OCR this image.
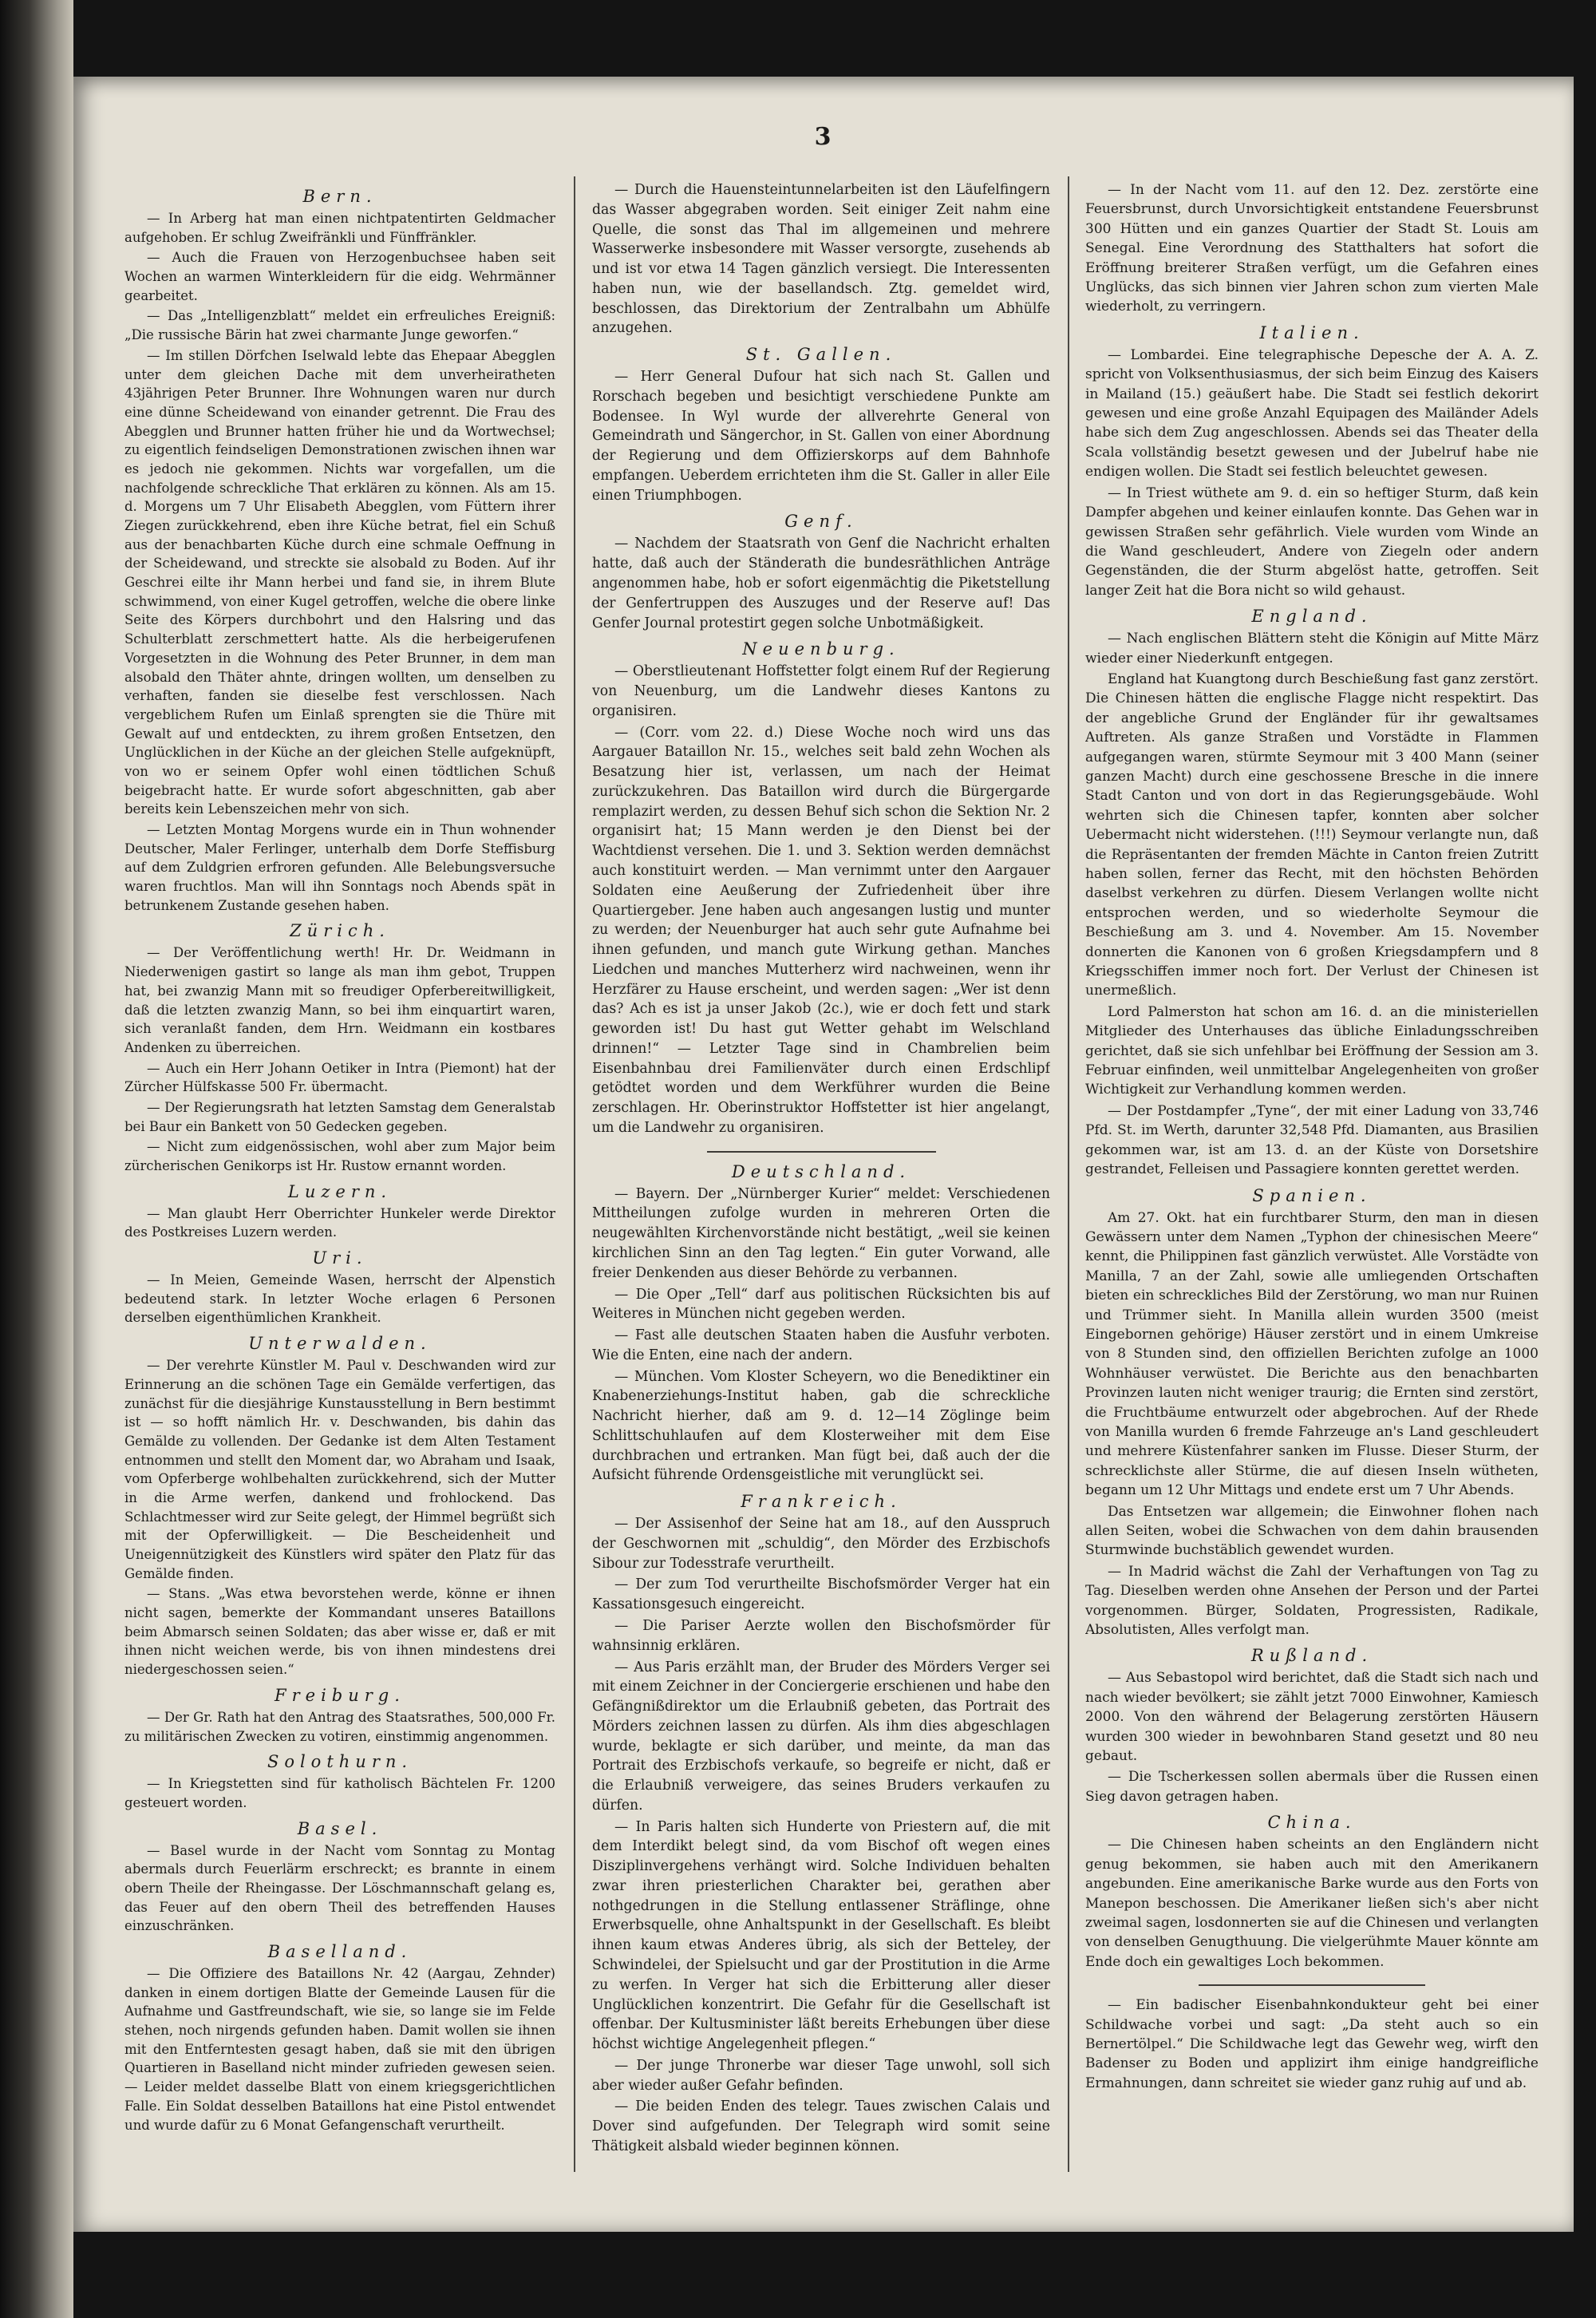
3
Bern.

— In Arberg hat man einen nichtpatentirten Geldmacher aufgehoben. Er schlug Zweifränkli und Fünffränkler.

— Auch die Frauen von Herzogenbuchsee haben seit Wochen an warmen Winterkleidern für die eidg. Wehrmänner gearbeitet.

— Das „Intelligenzblatt“ meldet ein erfreuliches Ereigniß: „Die russische Bärin hat zwei charmante Junge geworfen.“

— Im stillen Dörfchen Iselwald lebte das Ehepaar Abegglen unter dem gleichen Dache mit dem unverheiratheten 43jährigen Peter Brunner. Ihre Wohnungen waren nur durch eine dünne Scheidewand von einander getrennt. Die Frau des Abegglen und Brunner hatten früher hie und da Wortwechsel; zu eigentlich feindseligen Demonstrationen zwischen ihnen war es jedoch nie gekommen. Nichts war vorgefallen, um die nachfolgende schreckliche That erklären zu können. Als am 15. d. Morgens um 7 Uhr Elisabeth Abegglen, vom Füttern ihrer Ziegen zurückkehrend, eben ihre Küche betrat, fiel ein Schuß aus der benachbarten Küche durch eine schmale Oeffnung in der Scheidewand, und streckte sie alsobald zu Boden. Auf ihr Geschrei eilte ihr Mann herbei und fand sie, in ihrem Blute schwimmend, von einer Kugel getroffen, welche die obere linke Seite des Körpers durchbohrt und den Halsring und das Schulterblatt zerschmettert hatte. Als die herbeigerufenen Vorgesetzten in die Wohnung des Peter Brunner, in dem man alsobald den Thäter ahnte, dringen wollten, um denselben zu verhaften, fanden sie dieselbe fest verschlossen. Nach vergeblichem Rufen um Einlaß sprengten sie die Thüre mit Gewalt auf und entdeckten, zu ihrem großen Entsetzen, den Unglücklichen in der Küche an der gleichen Stelle aufgeknüpft, von wo er seinem Opfer wohl einen tödtlichen Schuß beigebracht hatte. Er wurde sofort abgeschnitten, gab aber bereits kein Lebenszeichen mehr von sich.

— Letzten Montag Morgens wurde ein in Thun wohnender Deutscher, Maler Ferlinger, unterhalb dem Dorfe Steffisburg auf dem Zuldgrien erfroren gefunden. Alle Belebungsversuche waren fruchtlos. Man will ihn Sonntags noch Abends spät in betrunkenem Zustande gesehen haben.

Zürich.

— Der Veröffentlichung werth! Hr. Dr. Weidmann in Niederwenigen gastirt so lange als man ihm gebot, Truppen hat, bei zwanzig Mann mit so freudiger Opferbereitwilligkeit, daß die letzten zwanzig Mann, so bei ihm einquartirt waren, sich veranlaßt fanden, dem Hrn. Weidmann ein kostbares Andenken zu überreichen.

— Auch ein Herr Johann Oetiker in Intra (Piemont) hat der Zürcher Hülfskasse 500 Fr. übermacht.

— Der Regierungsrath hat letzten Samstag dem Generalstab bei Baur ein Bankett von 50 Gedecken gegeben.

— Nicht zum eidgenössischen, wohl aber zum Major beim zürcherischen Genikorps ist Hr. Rustow ernannt worden.

Luzern.

— Man glaubt Herr Oberrichter Hunkeler werde Direktor des Postkreises Luzern werden.

Uri.

— In Meien, Gemeinde Wasen, herrscht der Alpenstich bedeutend stark. In letzter Woche erlagen 6 Personen derselben eigenthümlichen Krankheit.

Unterwalden.

— Der verehrte Künstler M. Paul v. Deschwanden wird zur Erinnerung an die schönen Tage ein Gemälde verfertigen, das zunächst für die diesjährige Kunstausstellung in Bern bestimmt ist — so hofft nämlich Hr. v. Deschwanden, bis dahin das Gemälde zu vollenden. Der Gedanke ist dem Alten Testament entnommen und stellt den Moment dar, wo Abraham und Isaak, vom Opferberge wohlbehalten zurückkehrend, sich der Mutter in die Arme werfen, dankend und frohlockend. Das Schlachtmesser wird zur Seite gelegt, der Himmel begrüßt sich mit der Opferwilligkeit. — Die Bescheidenheit und Uneigennützigkeit des Künstlers wird später den Platz für das Gemälde finden.

— Stans. „Was etwa bevorstehen werde, könne er ihnen nicht sagen, bemerkte der Kommandant unseres Bataillons beim Abmarsch seinen Soldaten; das aber wisse er, daß er mit ihnen nicht weichen werde, bis von ihnen mindestens drei niedergeschossen seien.“

Freiburg.

— Der Gr. Rath hat den Antrag des Staatsrathes, 500,000 Fr. zu militärischen Zwecken zu votiren, einstimmig angenommen.

Solothurn.

— In Kriegstetten sind für katholisch Bächtelen Fr. 1200 gesteuert worden.

Basel.

— Basel wurde in der Nacht vom Sonntag zu Montag abermals durch Feuerlärm erschreckt; es brannte in einem obern Theile der Rheingasse. Der Löschmannschaft gelang es, das Feuer auf den obern Theil des betreffenden Hauses einzuschränken.

Baselland.

— Die Offiziere des Bataillons Nr. 42 (Aargau, Zehnder) danken in einem dortigen Blatte der Gemeinde Lausen für die Aufnahme und Gastfreundschaft, wie sie, so lange sie im Felde stehen, noch nirgends gefunden haben. Damit wollen sie ihnen mit den Entferntesten gesagt haben, daß sie mit den übrigen Quartieren in Baselland nicht minder zufrieden gewesen seien. — Leider meldet dasselbe Blatt von einem kriegsgerichtlichen Falle. Ein Soldat desselben Bataillons hat eine Pistol entwendet und wurde dafür zu 6 Monat Gefangenschaft verurtheilt.

— Durch die Hauensteintunnelarbeiten ist den Läufelfingern das Wasser abgegraben worden. Seit einiger Zeit nahm eine Quelle, die sonst das Thal im allgemeinen und mehrere Wasserwerke insbesondere mit Wasser versorgte, zusehends ab und ist vor etwa 14 Tagen gänzlich versiegt. Die Interessenten haben nun, wie der basellandsch. Ztg. gemeldet wird, beschlossen, das Direktorium der Zentralbahn um Abhülfe anzugehen.

St. Gallen.

— Herr General Dufour hat sich nach St. Gallen und Rorschach begeben und besichtigt verschiedene Punkte am Bodensee. In Wyl wurde der allverehrte General von Gemeindrath und Sängerchor, in St. Gallen von einer Abordnung der Regierung und dem Offizierskorps auf dem Bahnhofe empfangen. Ueberdem errichteten ihm die St. Galler in aller Eile einen Triumphbogen.

Genf.

— Nachdem der Staatsrath von Genf die Nachricht erhalten hatte, daß auch der Ständerath die bundesräthlichen Anträge angenommen habe, hob er sofort eigenmächtig die Piketstellung der Genfertruppen des Auszuges und der Reserve auf! Das Genfer Journal protestirt gegen solche Unbotmäßigkeit.

Neuenburg.

— Oberstlieutenant Hoffstetter folgt einem Ruf der Regierung von Neuenburg, um die Landwehr dieses Kantons zu organisiren.

— (Corr. vom 22. d.) Diese Woche noch wird uns das Aargauer Bataillon Nr. 15., welches seit bald zehn Wochen als Besatzung hier ist, verlassen, um nach der Heimat zurückzukehren. Das Bataillon wird durch die Bürgergarde remplazirt werden, zu dessen Behuf sich schon die Sektion Nr. 2 organisirt hat; 15 Mann werden je den Dienst bei der Wachtdienst versehen. Die 1. und 3. Sektion werden demnächst auch konstituirt werden. — Man vernimmt unter den Aargauer Soldaten eine Aeußerung der Zufriedenheit über ihre Quartiergeber. Jene haben auch angesangen lustig und munter zu werden; der Neuenburger hat auch sehr gute Aufnahme bei ihnen gefunden, und manch gute Wirkung gethan. Manches Liedchen und manches Mutterherz wird nachweinen, wenn ihr Herzfärer zu Hause erscheint, und werden sagen: „Wer ist denn das? Ach es ist ja unser Jakob (2c.), wie er doch fett und stark geworden ist! Du hast gut Wetter gehabt im Welschland drinnen!“ — Letzter Tage sind in Chambrelien beim Eisenbahnbau drei Familienväter durch einen Erdschlipf getödtet worden und dem Werkführer wurden die Beine zerschlagen. Hr. Oberinstruktor Hoffstetter ist hier angelangt, um die Landwehr zu organisiren.

Deutschland.

— Bayern. Der „Nürnberger Kurier“ meldet: Verschiedenen Mittheilungen zufolge wurden in mehreren Orten die neugewählten Kirchenvorstände nicht bestätigt, „weil sie keinen kirchlichen Sinn an den Tag legten.“ Ein guter Vorwand, alle freier Denkenden aus dieser Behörde zu verbannen.

— Die Oper „Tell“ darf aus politischen Rücksichten bis auf Weiteres in München nicht gegeben werden.

— Fast alle deutschen Staaten haben die Ausfuhr verboten. Wie die Enten, eine nach der andern.

— München. Vom Kloster Scheyern, wo die Benediktiner ein Knabenerziehungs-Institut haben, gab die schreckliche Nachricht hierher, daß am 9. d. 12—14 Zöglinge beim Schlittschuhlaufen auf dem Klosterweiher mit dem Eise durchbrachen und ertranken. Man fügt bei, daß auch der die Aufsicht führende Ordensgeistliche mit verunglückt sei.

Frankreich.

— Der Assisenhof der Seine hat am 18., auf den Ausspruch der Geschwornen mit „schuldig“, den Mörder des Erzbischofs Sibour zur Todesstrafe verurtheilt.

— Der zum Tod verurtheilte Bischofsmörder Verger hat ein Kassationsgesuch eingereicht.

— Die Pariser Aerzte wollen den Bischofsmörder für wahnsinnig erklären.

— Aus Paris erzählt man, der Bruder des Mörders Verger sei mit einem Zeichner in der Conciergerie erschienen und habe den Gefängnißdirektor um die Erlaubniß gebeten, das Portrait des Mörders zeichnen lassen zu dürfen. Als ihm dies abgeschlagen wurde, beklagte er sich darüber, und meinte, da man das Portrait des Erzbischofs verkaufe, so begreife er nicht, daß er die Erlaubniß verweigere, das seines Bruders verkaufen zu dürfen.

— In Paris halten sich Hunderte von Priestern auf, die mit dem Interdikt belegt sind, da vom Bischof oft wegen eines Disziplinvergehens verhängt wird. Solche Individuen behalten zwar ihren priesterlichen Charakter bei, gerathen aber nothgedrungen in die Stellung entlassener Sträflinge, ohne Erwerbsquelle, ohne Anhaltspunkt in der Gesellschaft. Es bleibt ihnen kaum etwas Anderes übrig, als sich der Betteley, der Schwindelei, der Spielsucht und gar der Prostitution in die Arme zu werfen. In Verger hat sich die Erbitterung aller dieser Unglücklichen konzentrirt. Die Gefahr für die Gesellschaft ist offenbar. Der Kultusminister läßt bereits Erhebungen über diese höchst wichtige Angelegenheit pflegen.“

— Der junge Thronerbe war dieser Tage unwohl, soll sich aber wieder außer Gefahr befinden.

— Die beiden Enden des telegr. Taues zwischen Calais und Dover sind aufgefunden. Der Telegraph wird somit seine Thätigkeit alsbald wieder beginnen können.

— In der Nacht vom 11. auf den 12. Dez. zerstörte eine Feuersbrunst, durch Unvorsichtigkeit entstandene Feuersbrunst 300 Hütten und ein ganzes Quartier der Stadt St. Louis am Senegal. Eine Verordnung des Statthalters hat sofort die Eröffnung breiterer Straßen verfügt, um die Gefahren eines Unglücks, das sich binnen vier Jahren schon zum vierten Male wiederholt, zu verringern.

Italien.

— Lombardei. Eine telegraphische Depesche der A. A. Z. spricht von Volksenthusiasmus, der sich beim Einzug des Kaisers in Mailand (15.) geäußert habe. Die Stadt sei festlich dekorirt gewesen und eine große Anzahl Equipagen des Mailänder Adels habe sich dem Zug angeschlossen. Abends sei das Theater della Scala vollständig besetzt gewesen und der Jubelruf habe nie endigen wollen. Die Stadt sei festlich beleuchtet gewesen.

— In Triest wüthete am 9. d. ein so heftiger Sturm, daß kein Dampfer abgehen und keiner einlaufen konnte. Das Gehen war in gewissen Straßen sehr gefährlich. Viele wurden vom Winde an die Wand geschleudert, Andere von Ziegeln oder andern Gegenständen, die der Sturm abgelöst hatte, getroffen. Seit langer Zeit hat die Bora nicht so wild gehaust.

England.

— Nach englischen Blättern steht die Königin auf Mitte März wieder einer Niederkunft entgegen.

England hat Kuangtong durch Beschießung fast ganz zerstört. Die Chinesen hätten die englische Flagge nicht respektirt. Das der angebliche Grund der Engländer für ihr gewaltsames Auftreten. Als ganze Straßen und Vorstädte in Flammen aufgegangen waren, stürmte Seymour mit 3 400 Mann (seiner ganzen Macht) durch eine geschossene Bresche in die innere Stadt Canton und von dort in das Regierungsgebäude. Wohl wehrten sich die Chinesen tapfer, konnten aber solcher Uebermacht nicht widerstehen. (!!!) Seymour verlangte nun, daß die Repräsentanten der fremden Mächte in Canton freien Zutritt haben sollen, ferner das Recht, mit den höchsten Behörden daselbst verkehren zu dürfen. Diesem Verlangen wollte nicht entsprochen werden, und so wiederholte Seymour die Beschießung am 3. und 4. November. Am 15. November donnerten die Kanonen von 6 großen Kriegsdampfern und 8 Kriegsschiffen immer noch fort. Der Verlust der Chinesen ist unermeßlich.

Lord Palmerston hat schon am 16. d. an die ministeriellen Mitglieder des Unterhauses das übliche Einladungsschreiben gerichtet, daß sie sich unfehlbar bei Eröffnung der Session am 3. Februar einfinden, weil unmittelbar Angelegenheiten von großer Wichtigkeit zur Verhandlung kommen werden.

— Der Postdampfer „Tyne“, der mit einer Ladung von 33,746 Pfd. St. im Werth, darunter 32,548 Pfd. Diamanten, aus Brasilien gekommen war, ist am 13. d. an der Küste von Dorsetshire gestrandet, Felleisen und Passagiere konnten gerettet werden.

Spanien.

Am 27. Okt. hat ein furchtbarer Sturm, den man in diesen Gewässern unter dem Namen „Typhon der chinesischen Meere“ kennt, die Philippinen fast gänzlich verwüstet. Alle Vorstädte von Manilla, 7 an der Zahl, sowie alle umliegenden Ortschaften bieten ein schreckliches Bild der Zerstörung, wo man nur Ruinen und Trümmer sieht. In Manilla allein wurden 3500 (meist Eingebornen gehörige) Häuser zerstört und in einem Umkreise von 8 Stunden sind, den offiziellen Berichten zufolge an 1000 Wohnhäuser verwüstet. Die Berichte aus den benachbarten Provinzen lauten nicht weniger traurig; die Ernten sind zerstört, die Fruchtbäume entwurzelt oder abgebrochen. Auf der Rhede von Manilla wurden 6 fremde Fahrzeuge an's Land geschleudert und mehrere Küstenfahrer sanken im Flusse. Dieser Sturm, der schrecklichste aller Stürme, die auf diesen Inseln wütheten, begann um 12 Uhr Mittags und endete erst um 7 Uhr Abends.

Das Entsetzen war allgemein; die Einwohner flohen nach allen Seiten, wobei die Schwachen von dem dahin brausenden Sturmwinde buchstäblich gewendet wurden.

— In Madrid wächst die Zahl der Verhaftungen von Tag zu Tag. Dieselben werden ohne Ansehen der Person und der Partei vorgenommen. Bürger, Soldaten, Progressisten, Radikale, Absolutisten, Alles verfolgt man.

Rußland.

— Aus Sebastopol wird berichtet, daß die Stadt sich nach und nach wieder bevölkert; sie zählt jetzt 7000 Einwohner, Kamiesch 2000. Von den während der Belagerung zerstörten Häusern wurden 300 wieder in bewohnbaren Stand gesetzt und 80 neu gebaut.

— Die Tscherkessen sollen abermals über die Russen einen Sieg davon getragen haben.

China.

— Die Chinesen haben scheints an den Engländern nicht genug bekommen, sie haben auch mit den Amerikanern angebunden. Eine amerikanische Barke wurde aus den Forts von Manepon beschossen. Die Amerikaner ließen sich's aber nicht zweimal sagen, losdonnerten sie auf die Chinesen und verlangten von denselben Genugthuung. Die vielgerühmte Mauer könnte am Ende doch ein gewaltiges Loch bekommen.

— Ein badischer Eisenbahnkondukteur geht bei einer Schildwache vorbei und sagt: „Da steht auch so ein Bernertölpel.“ Die Schildwache legt das Gewehr weg, wirft den Badenser zu Boden und applizirt ihm einige handgreifliche Ermahnungen, dann schreitet sie wieder ganz ruhig auf und ab.
